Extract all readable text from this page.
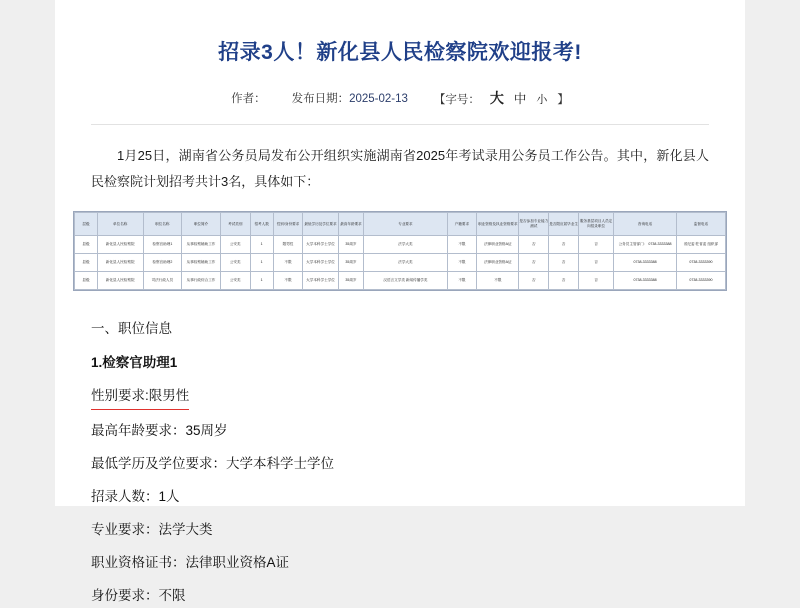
招录3人！新化县人民检察院欢迎报考!
作者： 发布日期：2025-02-13 【字号： 大 中 小 】

1月25日，湖南省公务员局发布公开组织实施湖南省2025年考试录用公务员工作公告。其中，新化县人民检察院计划招考共计3名，具体如下：

层级	单位名称	职位名称	职位简介	考试类别	招考人数	性别/身份要求	最低学历及学位要求	最高年龄要求	专业要求	户籍要求	职业资格及执业资格要求	是否参加专业能力测试	是否限应届毕业生	服务基层项目人员定向招录职位	咨询电话	监督电话
县级	新化县人民检察院	检察官助理1	从事检察辅助工作	公安类	1	限男性	大学本科学士学位	35周岁	法学大类	不限	法律职业资格A证	否	否	否	公务员主管部门： 0738-3333388	省纪委 驻省委 组织部
县级	新化县人民检察院	检察官助理2	从事检察辅助工作	公安类	1	不限	大学本科学士学位	35周岁	法学大类	不限	法律职业资格A证	否	否	否	0738-3333388	0738-3333390
县级	新化县人民检察院	司法行政人员	从事行政综合工作	公安类	1	不限	大学本科学士学位	35周岁	汉语言文学类 新闻传播学类	不限	不限	否	否	否	0738-3333388	0738-3333390
一、职位信息
1.检察官助理1
性别要求:限男性
最高年龄要求：35周岁
最低学历及学位要求：大学本科学士学位
招录人数：1人
专业要求：法学大类
职业资格证书：法律职业资格A证
身份要求：不限
